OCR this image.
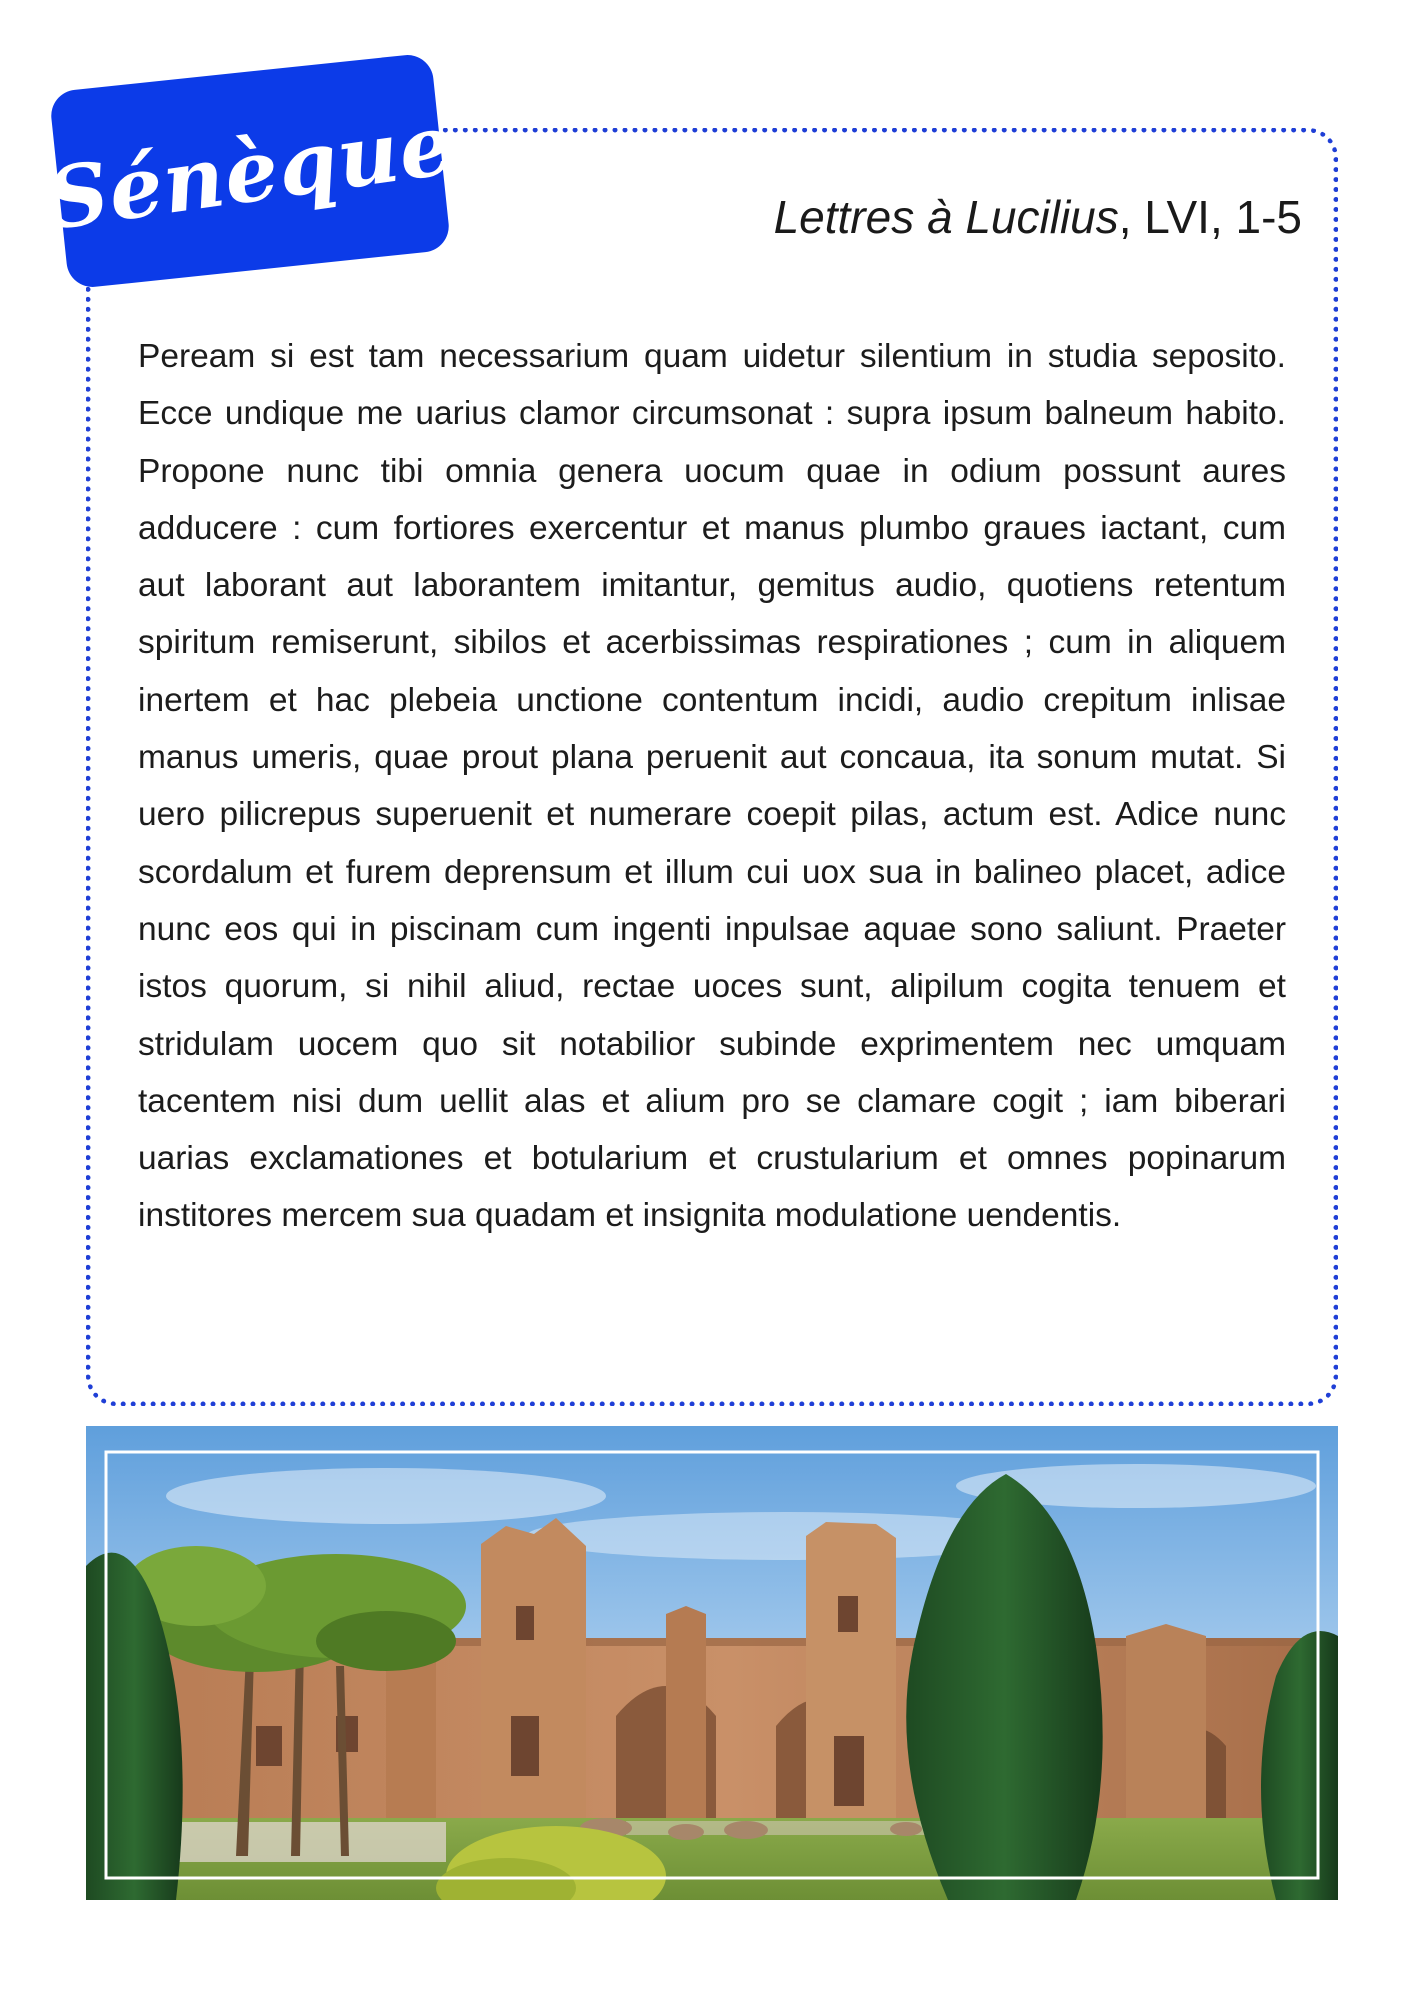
Sénèque	Lettres à Lucilius, LVI, 1-5

Peream si est tam necessarium quam uidetur silentium in studia seposito. Ecce undique me uarius clamor circumsonat : supra ipsum balneum habito. Propone nunc tibi omnia genera uocum quae in odium possunt aures adducere : cum fortiores exercentur et manus plumbo graues iactant, cum aut laborant aut laborantem imitantur, gemitus audio, quotiens retentum spiritum remiserunt, sibilos et acerbissimas respirationes ; cum in aliquem inertem et hac plebeia unctione contentum incidi, audio crepitum inlisae manus umeris, quae prout plana peruenit aut concaua, ita sonum mutat. Si uero pilicrepus superuenit et numerare coepit pilas, actum est. Adice nunc scordalum et furem deprensum et illum cui uox sua in balineo placet, adice nunc eos qui in piscinam cum ingenti inpulsae aquae sono saliunt. Praeter istos quorum, si nihil aliud, rectae uoces sunt, alipilum cogita tenuem et stridulam uocem quo sit notabilior subinde exprimentem nec umquam tacentem nisi dum uellit alas et alium pro se clamare cogit ; iam biberari uarias exclamationes et botularium et crustularium et omnes popinarum institores mercem sua quadam et insignita modulatione uendentis.
